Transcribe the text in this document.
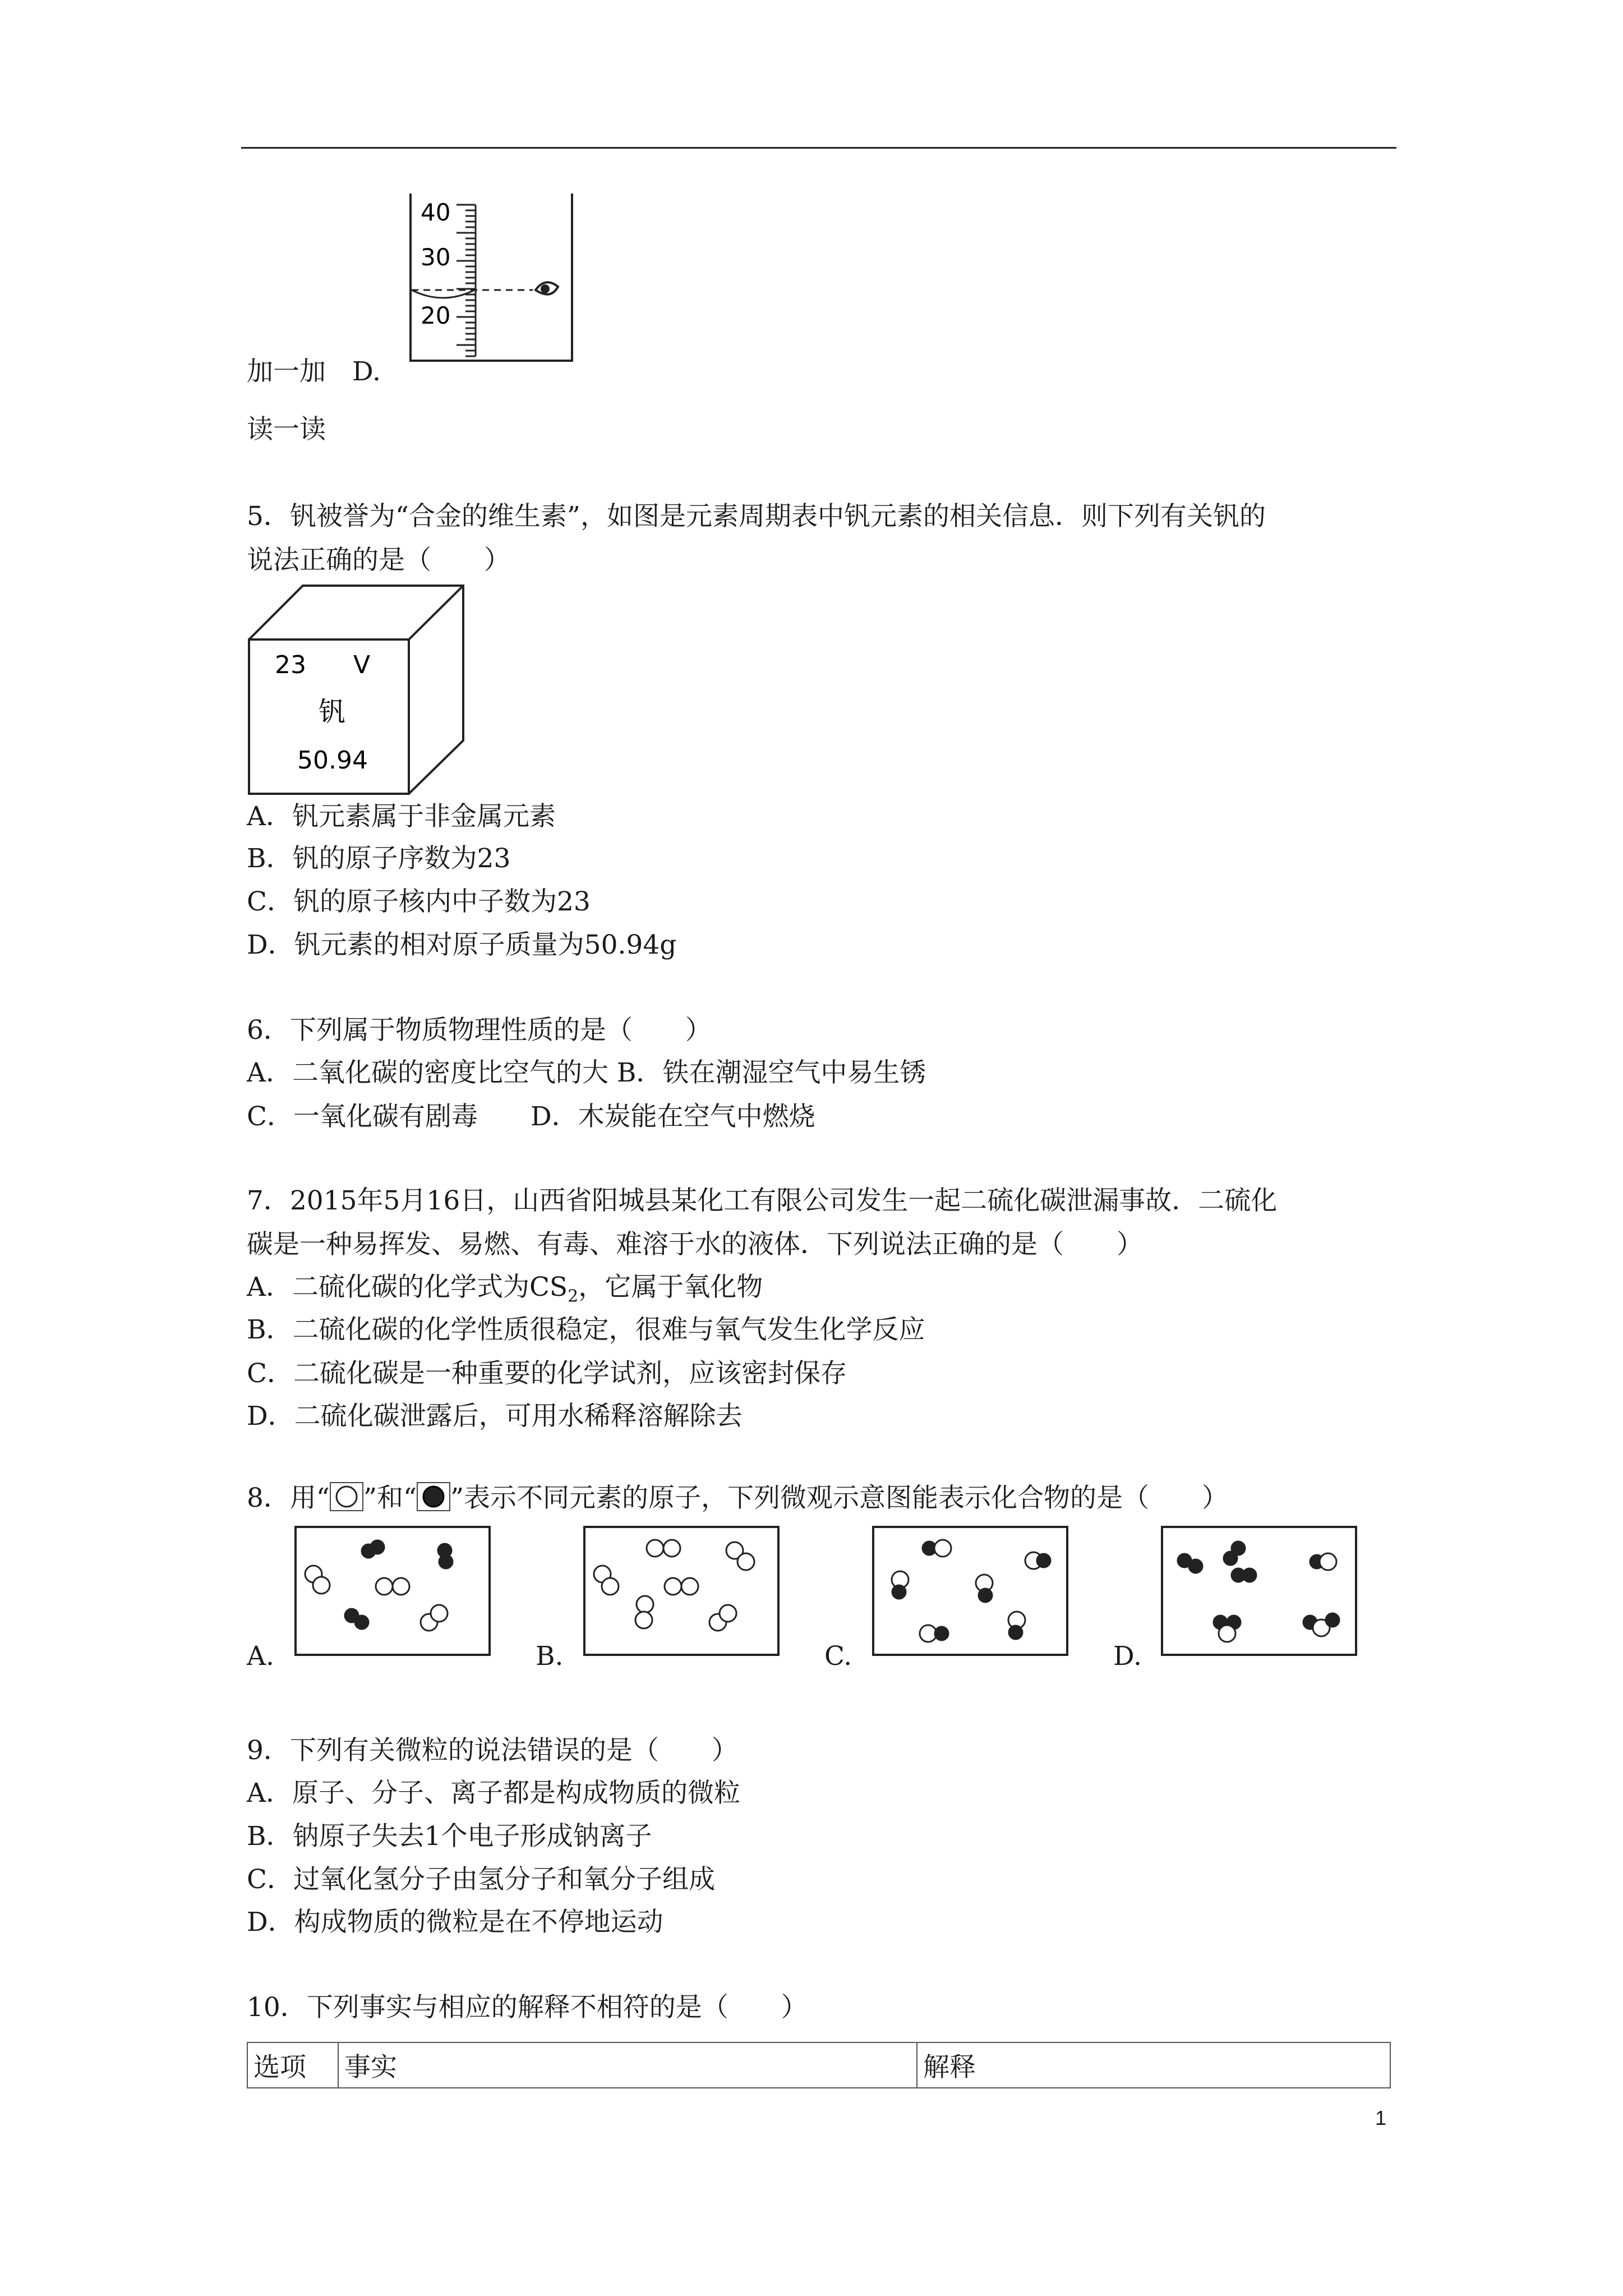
40
30
20
加一加　D.
读一读
5．钒被誉为“合金的维生素”，如图是元素周期表中钒元素的相关信息．则下列有关钒的
说法正确的是（　　）
23 V
钒
50.94
A．钒元素属于非金属元素
B．钒的原子序数为23
C．钒的原子核内中子数为23
D．钒元素的相对原子质量为50.94g
6．下列属于物质物理性质的是（　　）
A．二氧化碳的密度比空气的大 B．铁在潮湿空气中易生锈
C．一氧化碳有剧毒　　D．木炭能在空气中燃烧
7．2015年5月16日，山西省阳城县某化工有限公司发生一起二硫化碳泄漏事故．二硫化
碳是一种易挥发、易燃、有毒、难溶于水的液体．下列说法正确的是（　　）
A．二硫化碳的化学式为$CS_2$，它属于氧化物
B．二硫化碳的化学性质很稳定，很难与氧气发生化学反应
C．二硫化碳是一种重要的化学试剂，应该密封保存
D．二硫化碳泄露后，可用水稀释溶解除去
8．用“ ”和“ ”表示不同元素的原子，下列微观示意图能表示化合物的是（　　）
A.	B.	C.	D.
9．下列有关微粒的说法错误的是（　　）
A．原子、分子、离子都是构成物质的微粒
B．钠原子失去1个电子形成钠离子
C．过氧化氢分子由氢分子和氧分子组成
D．构成物质的微粒是在不停地运动
10．下列事实与相应的解释不相符的是（　　）
选项	事实	解释
1
